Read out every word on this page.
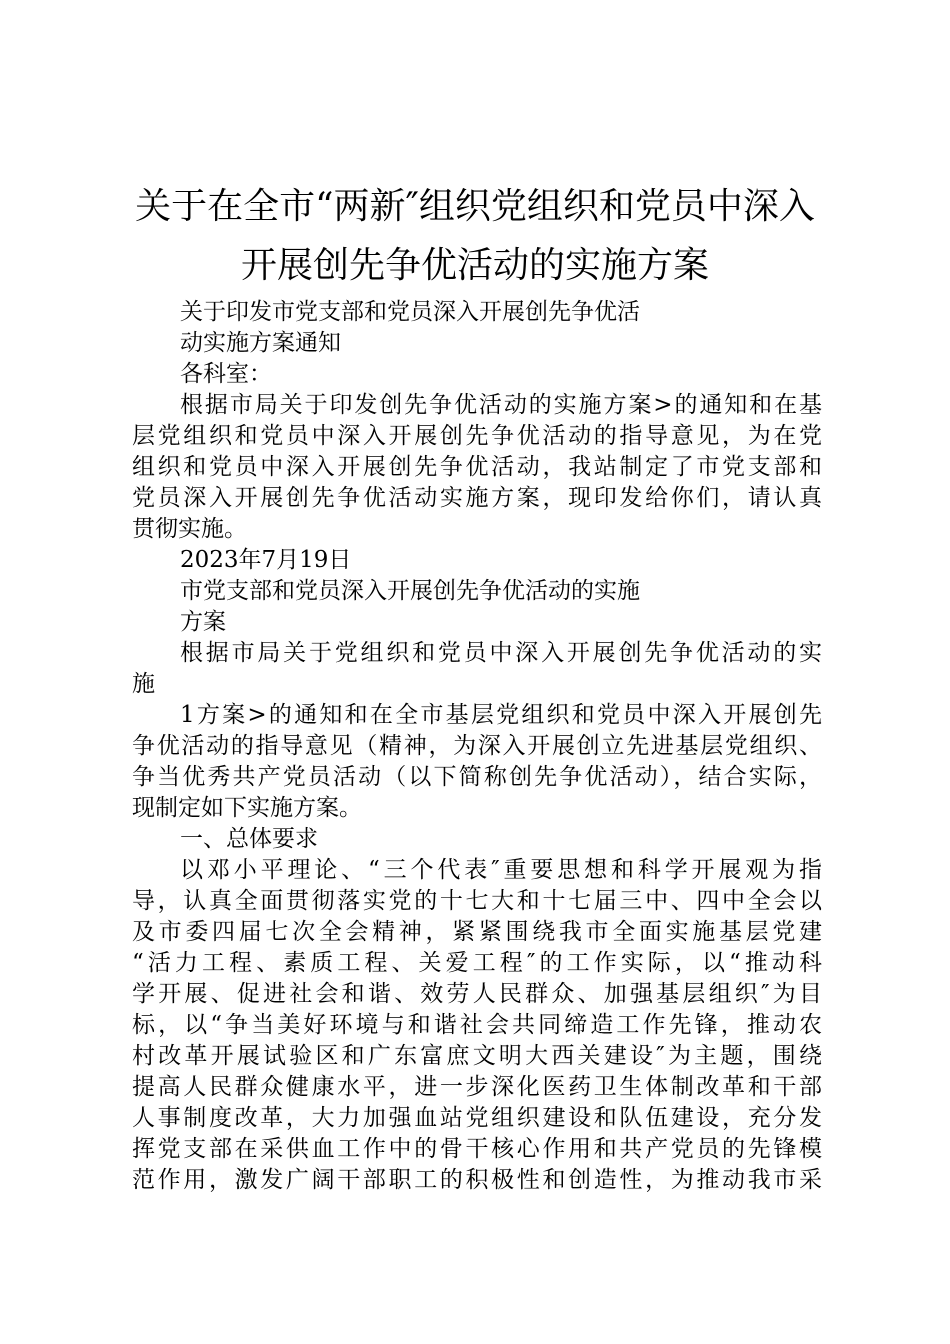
关于在全市“两新″组织党组织和党员中深入
开展创先争优活动的实施方案
关于印发市党支部和党员深入开展创先争优活
动实施方案通知
各科室：
根据市局关于印发创先争优活动的实施方案>的通知和在基
层党组织和党员中深入开展创先争优活动的指导意见，为在党
组织和党员中深入开展创先争优活动，我站制定了市党支部和
党员深入开展创先争优活动实施方案，现印发给你们，请认真
贯彻实施。
2023年7月19日
市党支部和党员深入开展创先争优活动的实施
方案
根据市局关于党组织和党员中深入开展创先争优活动的实
施
1方案>的通知和在全市基层党组织和党员中深入开展创先
争优活动的指导意见（精神，为深入开展创立先进基层党组织、
争当优秀共产党员活动（以下简称创先争优活动），结合实际，
现制定如下实施方案。
一、总体要求
以邓小平理论、“三个代表″重要思想和科学开展观为指
导，认真全面贯彻落实党的十七大和十七届三中、四中全会以
及市委四届七次全会精神，紧紧围绕我市全面实施基层党建
“活力工程、素质工程、关爱工程″的工作实际，以“推动科
学开展、促进社会和谐、效劳人民群众、加强基层组织″为目
标，以“争当美好环境与和谐社会共同缔造工作先锋，推动农
村改革开展试验区和广东富庶文明大西关建设″为主题，围绕
提高人民群众健康水平，进一步深化医药卫生体制改革和干部
人事制度改革，大力加强血站党组织建设和队伍建设，充分发
挥党支部在采供血工作中的骨干核心作用和共产党员的先锋模
范作用，激发广阔干部职工的积极性和创造性，为推动我市采
